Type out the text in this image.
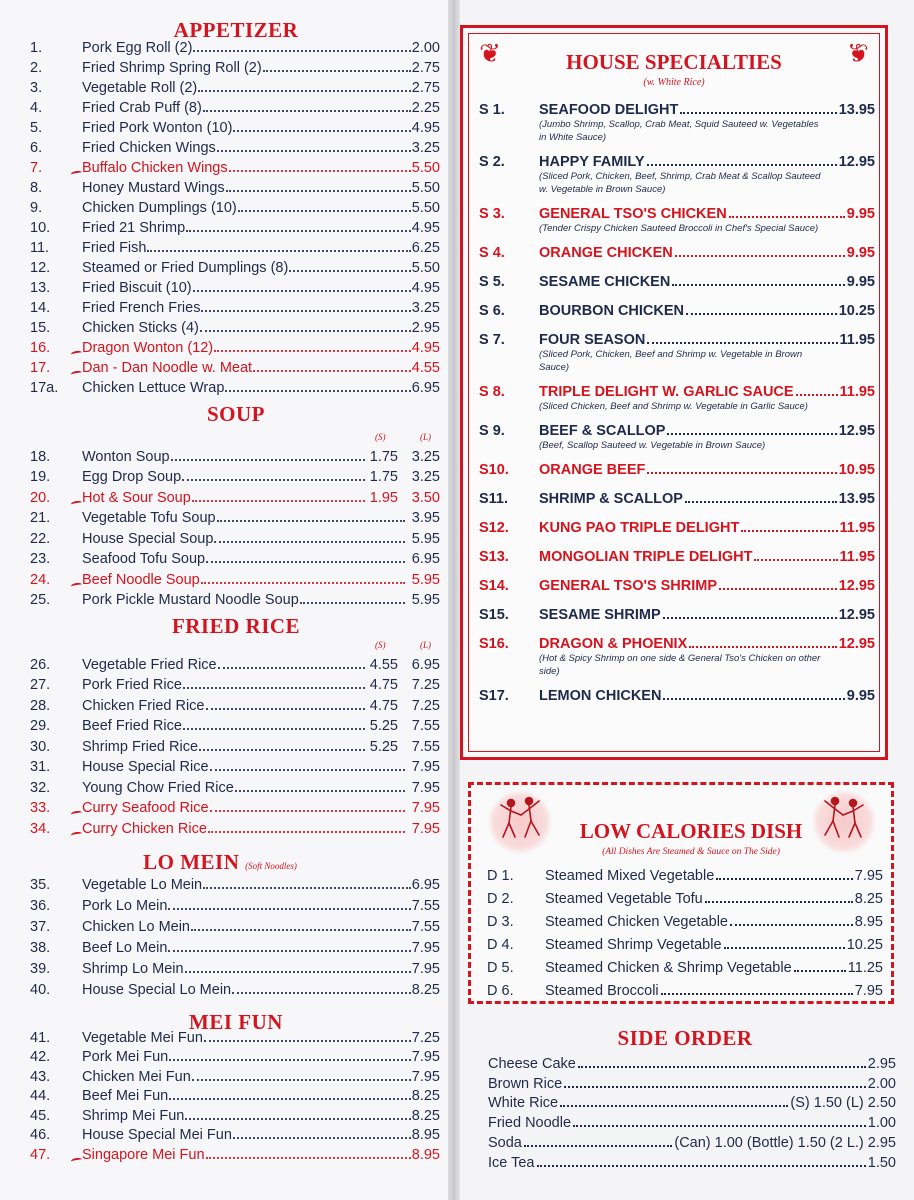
APPETIZER
1.	Pork Egg Roll (2)	2.00
2.	Fried Shrimp Spring Roll (2)	2.75
3.	Vegetable Roll (2)	2.75
4.	Fried Crab Puff (8)	2.25
5.	Fried Pork Wonton (10)	4.95
6.	Fried Chicken Wings	3.25
7.	Buffalo Chicken Wings	5.50
8.	Honey Mustard Wings	5.50
9.	Chicken Dumplings (10)	5.50
10.	Fried 21 Shrimp	4.95
11.	Fried Fish	6.25
12.	Steamed or Fried Dumplings (8)	5.50
13.	Fried Biscuit (10)	4.95
14.	Fried French Fries	3.25
15.	Chicken Sticks (4)	2.95
16.	Dragon Wonton (12)	4.95
17.	Dan - Dan Noodle w. Meat	4.55
17a.	Chicken Lettuce Wrap	6.95
SOUP
(S)	(L)
18.	Wonton Soup	1.75 3.25
19.	Egg Drop Soup	1.75 3.25
20.	Hot & Sour Soup	1.95 3.50
21.	Vegetable Tofu Soup	3.95
22.	House Special Soup	5.95
23.	Seafood Tofu Soup	6.95
24.	Beef Noodle Soup	5.95
25.	Pork Pickle Mustard Noodle Soup	5.95
FRIED RICE
(S)	(L)
26.	Vegetable Fried Rice	4.55 6.95
27.	Pork Fried Rice	4.75 7.25
28.	Chicken Fried Rice	4.75 7.25
29.	Beef Fried Rice	5.25 7.55
30.	Shrimp Fried Rice	5.25 7.55
31.	House Special Rice	7.95
32.	Young Chow Fried Rice	7.95
33.	Curry Seafood Rice	7.95
34.	Curry Chicken Rice	7.95
LO MEIN (Soft Noodles)
35.	Vegetable Lo Mein	6.95
36.	Pork Lo Mein	7.55
37.	Chicken Lo Mein	7.55
38.	Beef Lo Mein	7.95
39.	Shrimp Lo Mein	7.95
40.	House Special Lo Mein	8.25
MEI FUN
41.	Vegetable Mei Fun	7.25
42.	Pork Mei Fun	7.95
43.	Chicken Mei Fun	7.95
44.	Beef Mei Fun	8.25
45.	Shrimp Mei Fun	8.25
46.	House Special Mei Fun	8.95
47.	Singapore Mei Fun	8.95
❦	❦
HOUSE SPECIALTIES
(w. White Rice)
S 1.	SEAFOOD DELIGHT	13.95
(Jumbo Shrimp, Scallop, Crab Meat, Squid Sauteed w. Vegetables in White Sauce)
S 2.	HAPPY FAMILY	12.95
(Sliced Pork, Chicken, Beef, Shrimp, Crab Meat & Scallop Sauteed w. Vegetable in Brown Sauce)
S 3.	GENERAL TSO'S CHICKEN	9.95
(Tender Crispy Chicken Sauteed Broccoli in Chef's Special Sauce)
S 4.	ORANGE CHICKEN	9.95
S 5.	SESAME CHICKEN	9.95
S 6.	BOURBON CHICKEN	10.25
S 7.	FOUR SEASON	11.95
(Sliced Pork, Chicken, Beef and Shrimp w. Vegetable in Brown Sauce)
S 8.	TRIPLE DELIGHT W. GARLIC SAUCE	11.95
(Sliced Chicken, Beef and Shrimp w. Vegetable in Garlic Sauce)
S 9.	BEEF & SCALLOP	12.95
(Beef, Scallop Sauteed w. Vegetable in Brown Sauce)
S10.	ORANGE BEEF	10.95
S11.	SHRIMP & SCALLOP	13.95
S12.	KUNG PAO TRIPLE DELIGHT	11.95
S13.	MONGOLIAN TRIPLE DELIGHT	11.95
S14.	GENERAL TSO'S SHRIMP	12.95
S15.	SESAME SHRIMP	12.95
S16.	DRAGON & PHOENIX	12.95
(Hot & Spicy Shrimp on one side & General Tso's Chicken on other side)
S17.	LEMON CHICKEN	9.95
LOW CALORIES DISH
(All Dishes Are Steamed & Sauce on The Side)
D 1.	Steamed Mixed Vegetable	7.95
D 2.	Steamed Vegetable Tofu	8.25
D 3.	Steamed Chicken Vegetable	8.95
D 4.	Steamed Shrimp Vegetable	10.25
D 5.	Steamed Chicken & Shrimp Vegetable	11.25
D 6.	Steamed Broccoli	7.95
SIDE ORDER
Cheese Cake	2.95
Brown Rice	2.00
White Rice	(S) 1.50 (L) 2.50
Fried Noodle	1.00
Soda	(Can) 1.00 (Bottle) 1.50 (2 L.) 2.95
Ice Tea	1.50
